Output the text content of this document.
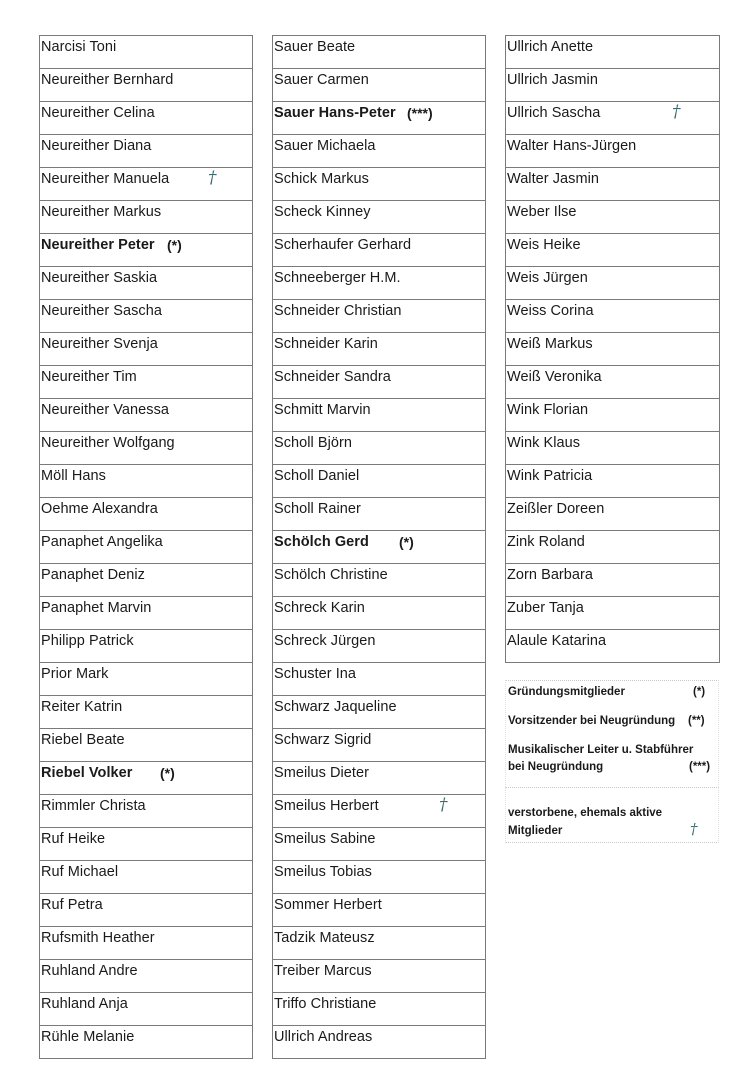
Narcisi Toni
Neureither Bernhard
Neureither Celina
Neureither Diana
Neureither Manuela †
Neureither Markus
Neureither Peter (*)
Neureither Saskia
Neureither Sascha
Neureither Svenja
Neureither Tim
Neureither Vanessa
Neureither Wolfgang
Möll Hans
Oehme Alexandra
Panaphet Angelika
Panaphet Deniz
Panaphet Marvin
Philipp Patrick
Prior Mark
Reiter Katrin
Riebel Beate
Riebel Volker (*)
Rimmler Christa
Ruf Heike
Ruf Michael
Ruf Petra
Rufsmith Heather
Ruhland Andre
Ruhland Anja
Rühle Melanie
Sauer Beate
Sauer Carmen
Sauer Hans-Peter (***)
Sauer Michaela
Schick Markus
Scheck Kinney
Scherhaufer Gerhard
Schneeberger H.M.
Schneider Christian
Schneider Karin
Schneider Sandra
Schmitt Marvin
Scholl Björn
Scholl Daniel
Scholl Rainer
Schölch Gerd (*)
Schölch Christine
Schreck Karin
Schreck Jürgen
Schuster Ina
Schwarz Jaqueline
Schwarz Sigrid
Smeilus Dieter
Smeilus Herbert	†
Smeilus Sabine
Smeilus Tobias
Sommer Herbert
Tadzik Mateusz
Treiber Marcus
Triffo Christiane
Ullrich Andreas
Ullrich Anette
Ullrich Jasmin
Ullrich Sascha	†
Walter Hans-Jürgen
Walter Jasmin
Weber Ilse
Weis Heike
Weis Jürgen
Weiss Corina
Weiß Markus
Weiß Veronika
Wink Florian
Wink Klaus
Wink Patricia
Zeißler Doreen
Zink Roland
Zorn Barbara
Zuber Tanja
Alaule Katarina
Gründungsmitglieder	(*)
Vorsitzender bei Neugründung (**)
Musikalischer Leiter u. Stabführer
bei Neugründung	(***)
verstorbene, ehemals aktive
Mitglieder	†
